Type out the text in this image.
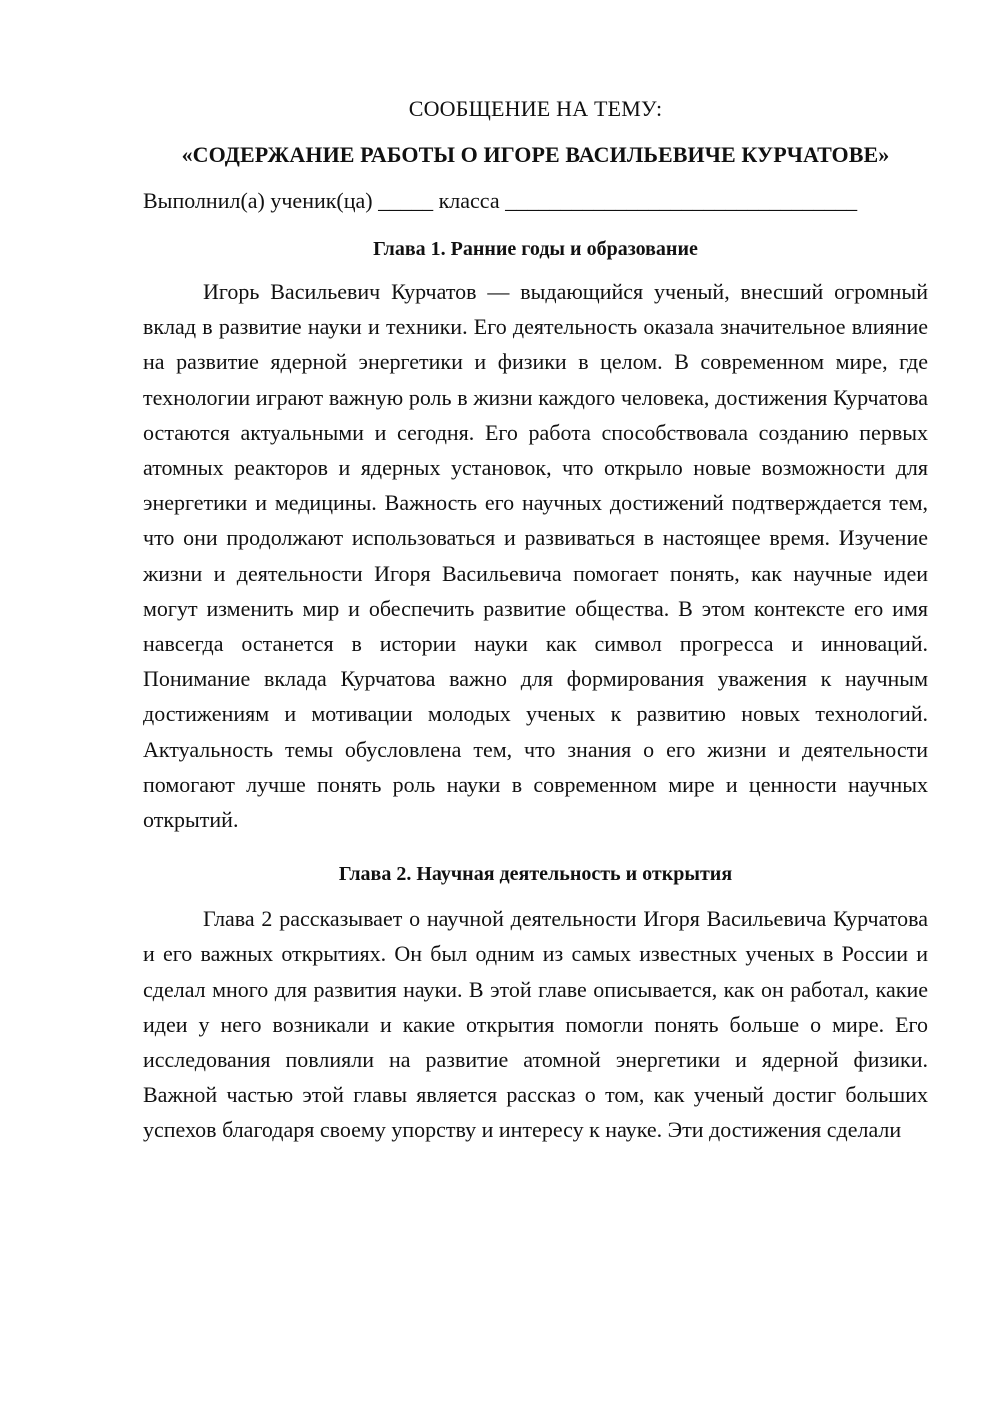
СООБЩЕНИЕ НА ТЕМУ:
«СОДЕРЖАНИЕ РАБОТЫ О ИГОРЕ ВАСИЛЬЕВИЧЕ КУРЧАТОВЕ»
Выполнил(а) ученик(ца) _____ класса ________________________________
Глава 1. Ранние годы и образование

Игорь Васильевич Курчатов — выдающийся ученый, внесший огромный вклад в развитие науки и техники. Его деятельность оказала значительное влияние на развитие ядерной энергетики и физики в целом. В современном мире, где технологии играют важную роль в жизни каждого человека, достижения Курчатова остаются актуальными и сегодня. Его работа способствовала созданию первых атомных реакторов и ядерных установок, что открыло новые возможности для энергетики и медицины. Важность его научных достижений подтверждается тем, что они продолжают использоваться и развиваться в настоящее время. Изучение жизни и деятельности Игоря Васильевича помогает понять, как научные идеи могут изменить мир и обеспечить развитие общества. В этом контексте его имя навсегда останется в истории науки как символ прогресса и инноваций. Понимание вклада Курчатова важно для формирования уважения к научным достижениям и мотивации молодых ученых к развитию новых технологий. Актуальность темы обусловлена тем, что знания о его жизни и деятельности помогают лучше понять роль науки в современном мире и ценности научных открытий.

Глава 2. Научная деятельность и открытия

Глава 2 рассказывает о научной деятельности Игоря Васильевича Курчатова и его важных открытиях. Он был одним из самых известных ученых в России и сделал много для развития науки. В этой главе описывается, как он работал, какие идеи у него возникали и какие открытия помогли понять больше о мире. Его исследования повлияли на развитие атомной энергетики и ядерной физики. Важной частью этой главы является рассказ о том, как ученый достиг больших успехов благодаря своему упорству и интересу к науке. Эти достижения сделали
